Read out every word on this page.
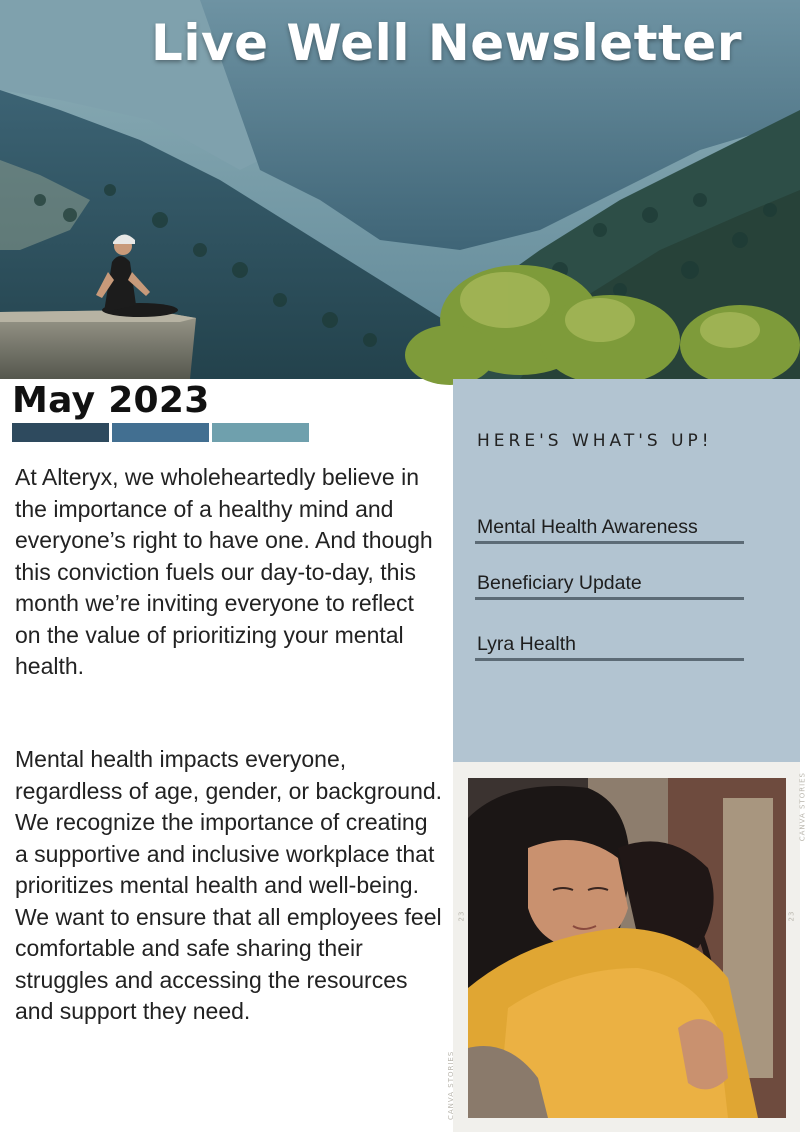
Live Well Newsletter
May 2023

At Alteryx, we wholeheartedly believe in the importance of a healthy mind and everyone’s right to have one. And though this conviction fuels our day-to-day, this month we’re inviting everyone to reflect on the value of prioritizing your mental health.

Mental health impacts everyone, regardless of age, gender, or background. We recognize the importance of creating a supportive and inclusive workplace that prioritizes mental health and well-being. We want to ensure that all employees feel comfortable and safe sharing their struggles and accessing the resources and support they need.

HERE'S WHAT'S UP!
Mental Health Awareness
Beneficiary Update
Lyra Health
CANVA STORIES
23
CANVA STORIES
23
